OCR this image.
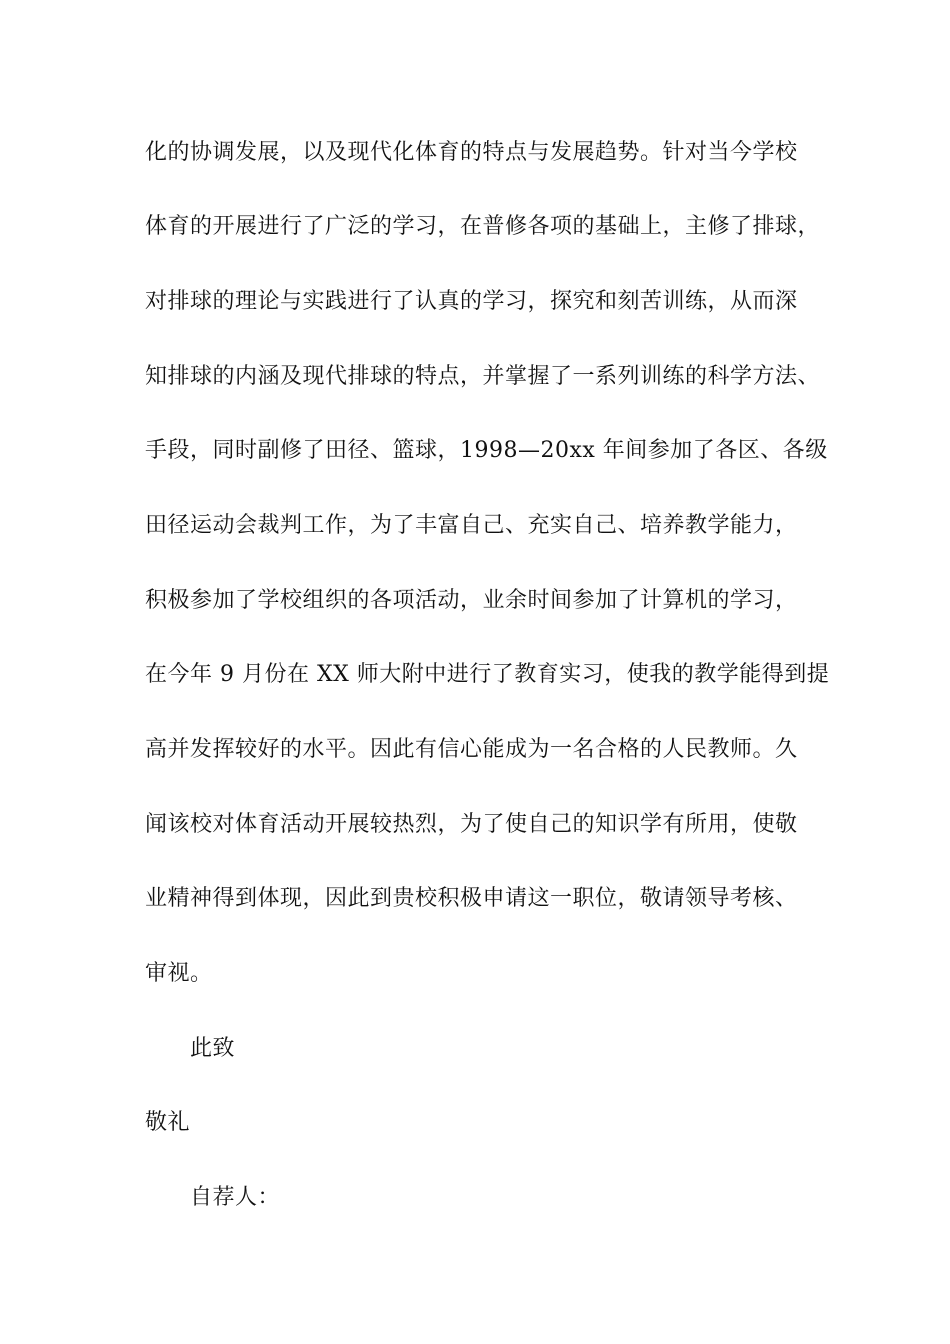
化的协调发展，以及现代化体育的特点与发展趋势。针对当今学校
体育的开展进行了广泛的学习，在普修各项的基础上，主修了排球，
对排球的理论与实践进行了认真的学习，探究和刻苦训练，从而深
知排球的内涵及现代排球的特点，并掌握了一系列训练的科学方法、
手段，同时副修了田径、篮球，1998—20xx 年间参加了各区、各级
田径运动会裁判工作，为了丰富自己、充实自己、培养教学能力，
积极参加了学校组织的各项活动，业余时间参加了计算机的学习，
在今年 9 月份在 XX 师大附中进行了教育实习，使我的教学能得到提
高并发挥较好的水平。因此有信心能成为一名合格的人民教师。久
闻该校对体育活动开展较热烈，为了使自己的知识学有所用，使敬
业精神得到体现，因此到贵校积极申请这一职位，敬请领导考核、
审视。
此致
敬礼
自荐人：
